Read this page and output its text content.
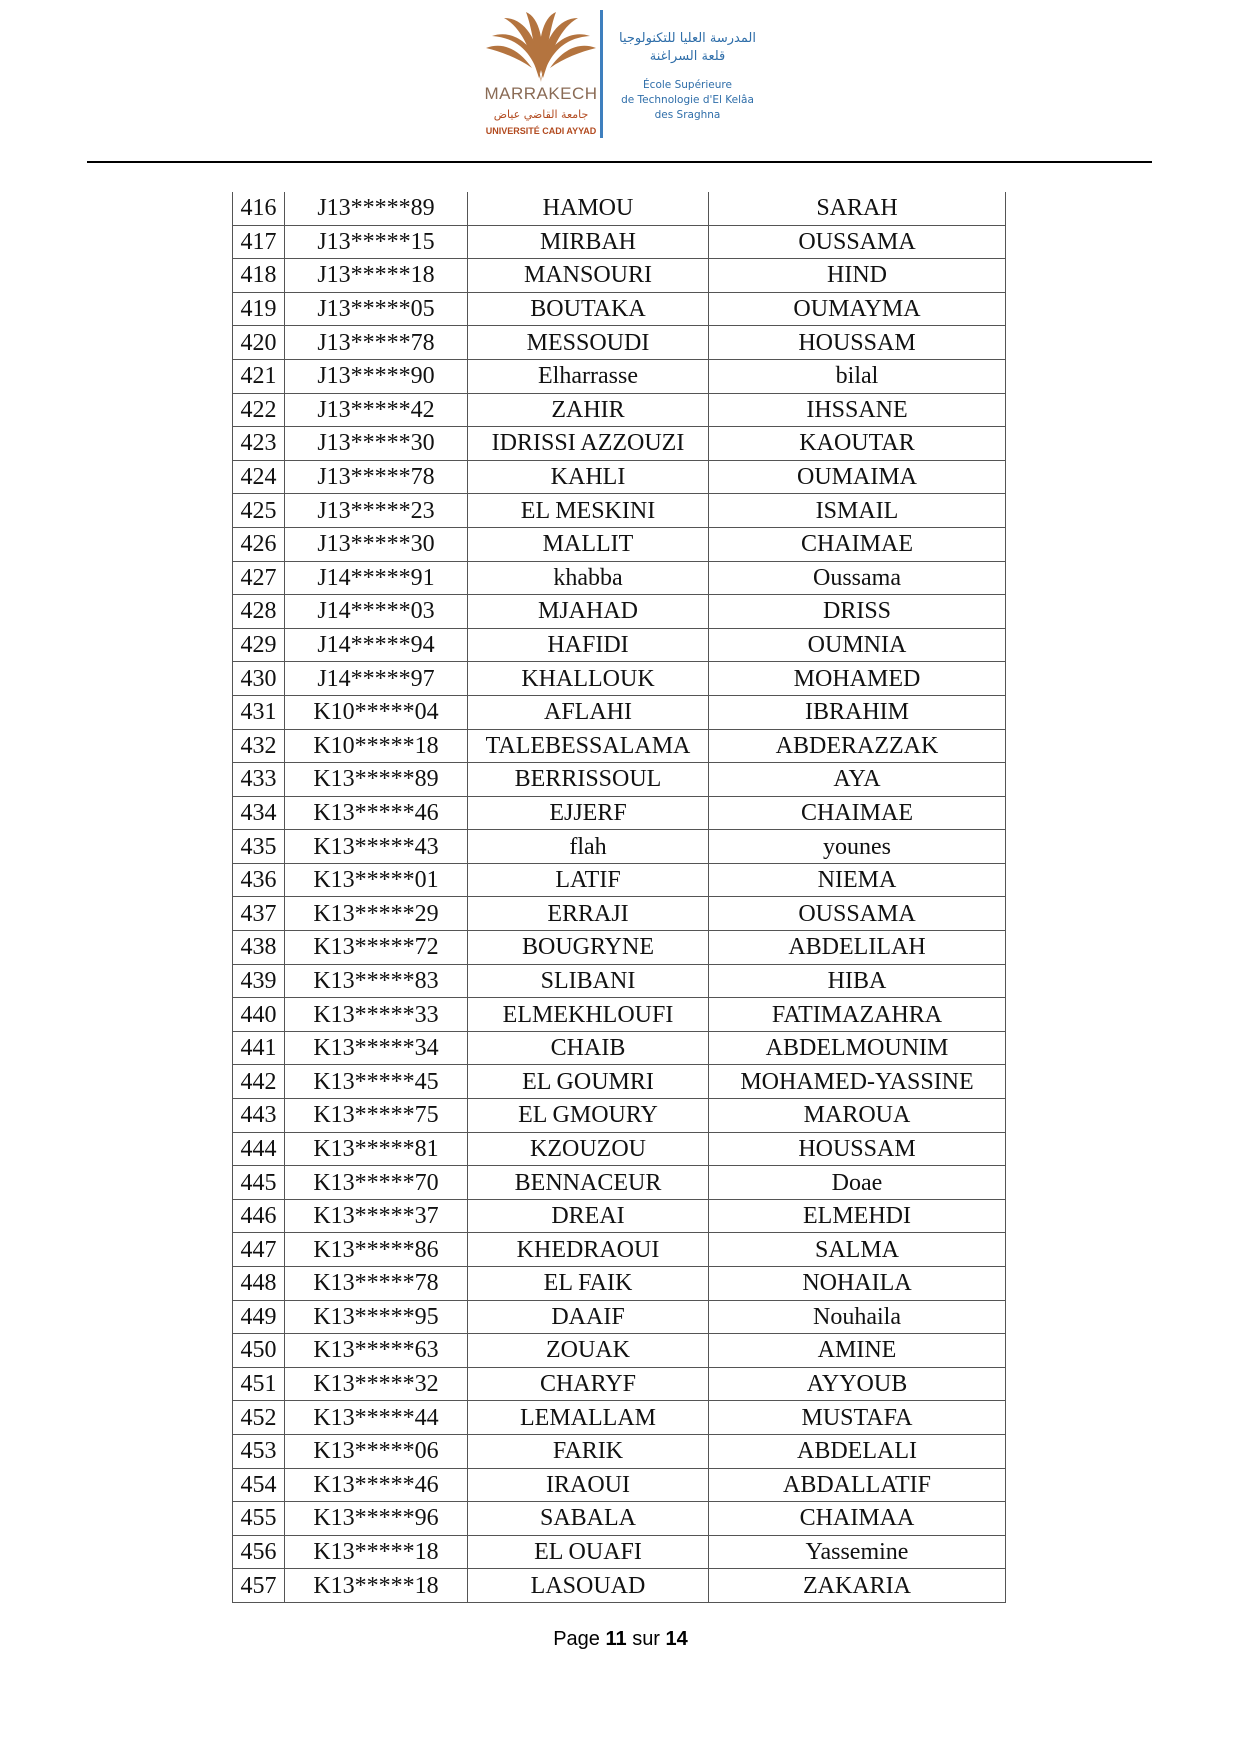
MARRAKECH
جامعة القاضي عياض
UNIVERSITÉ CADI AYYAD
المدرسة العليا للتكنولوجيا
قلعة السراغنة
École Supérieure
de Technologie d'El Kelâa
des Sraghna
416	J13*****89	HAMOU	SARAH
417	J13*****15	MIRBAH	OUSSAMA
418	J13*****18	MANSOURI	HIND
419	J13*****05	BOUTAKA	OUMAYMA
420	J13*****78	MESSOUDI	HOUSSAM
421	J13*****90	Elharrasse	bilal
422	J13*****42	ZAHIR	IHSSANE
423	J13*****30	IDRISSI AZZOUZI	KAOUTAR
424	J13*****78	KAHLI	OUMAIMA
425	J13*****23	EL MESKINI	ISMAIL
426	J13*****30	MALLIT	CHAIMAE
427	J14*****91	khabba	Oussama
428	J14*****03	MJAHAD	DRISS
429	J14*****94	HAFIDI	OUMNIA
430	J14*****97	KHALLOUK	MOHAMED
431	K10*****04	AFLAHI	IBRAHIM
432	K10*****18	TALEBESSALAMA	ABDERAZZAK
433	K13*****89	BERRISSOUL	AYA
434	K13*****46	EJJERF	CHAIMAE
435	K13*****43	flah	younes
436	K13*****01	LATIF	NIEMA
437	K13*****29	ERRAJI	OUSSAMA
438	K13*****72	BOUGRYNE	ABDELILAH
439	K13*****83	SLIBANI	HIBA
440	K13*****33	ELMEKHLOUFI	FATIMAZAHRA
441	K13*****34	CHAIB	ABDELMOUNIM
442	K13*****45	EL GOUMRI	MOHAMED-YASSINE
443	K13*****75	EL GMOURY	MAROUA
444	K13*****81	KZOUZOU	HOUSSAM
445	K13*****70	BENNACEUR	Doae
446	K13*****37	DREAI	ELMEHDI
447	K13*****86	KHEDRAOUI	SALMA
448	K13*****78	EL FAIK	NOHAILA
449	K13*****95	DAAIF	Nouhaila
450	K13*****63	ZOUAK	AMINE
451	K13*****32	CHARYF	AYYOUB
452	K13*****44	LEMALLAM	MUSTAFA
453	K13*****06	FARIK	ABDELALI
454	K13*****46	IRAOUI	ABDALLATIF
455	K13*****96	SABALA	CHAIMAA
456	K13*****18	EL OUAFI	Yassemine
457	K13*****18	LASOUAD	ZAKARIA
Page 11 sur 14
